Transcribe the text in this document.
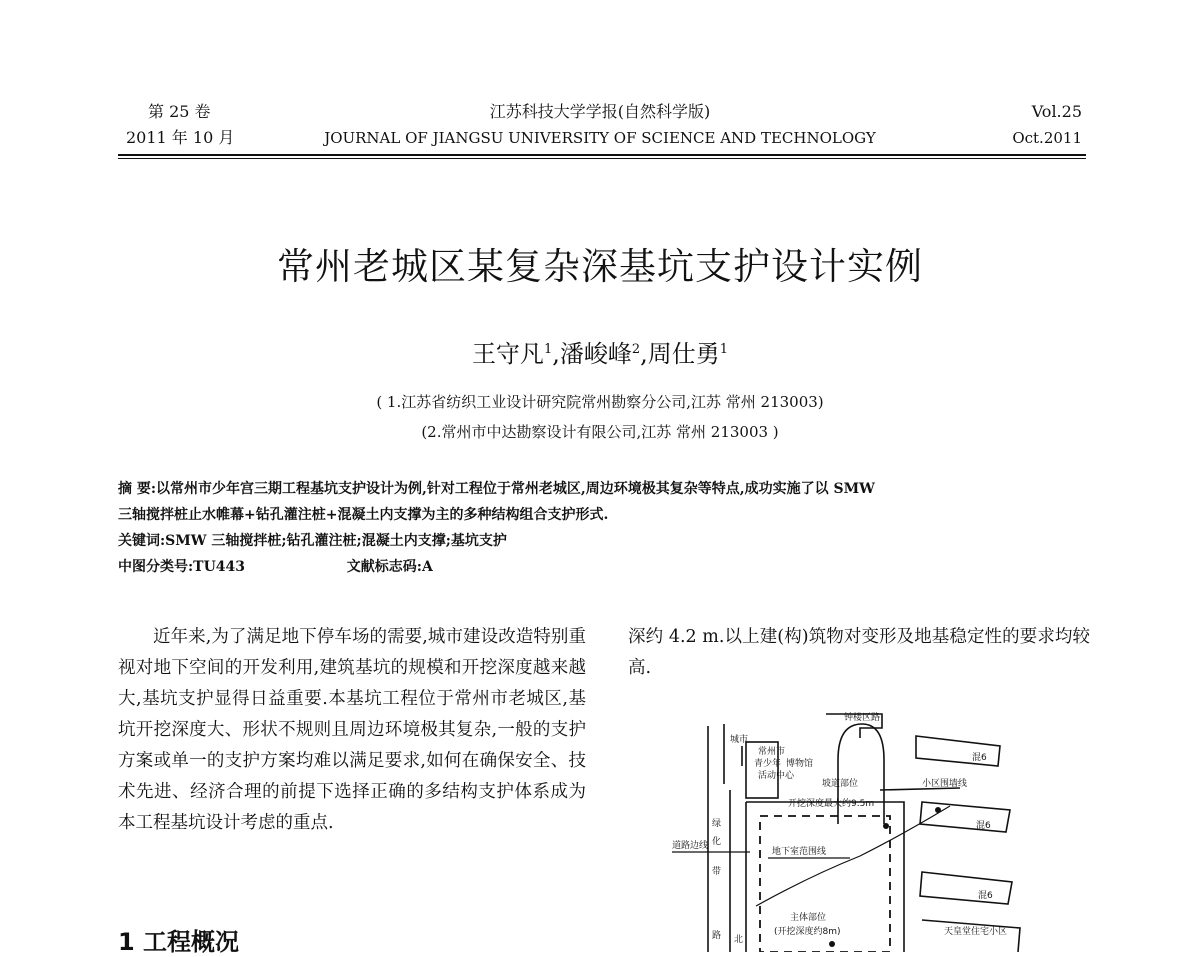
第 25 卷
2011 年 10 月
江苏科技大学学报(自然科学版)
JOURNAL OF JIANGSU UNIVERSITY OF SCIENCE AND TECHNOLOGY
Vol.25
Oct.2011
常州老城区某复杂深基坑支护设计实例
王守凡$^1$,潘峻峰$^2$,周仕勇$^1$
( 1.江苏省纺织工业设计研究院常州勘察分公司,江苏 常州 213003)
(2.常州市中达勘察设计有限公司,江苏 常州 213003 )
摘 要:以常州市少年宫三期工程基坑支护设计为例,针对工程位于常州老城区,周边环境极其复杂等特点,成功实施了以 SMW
三轴搅拌桩止水帷幕+钻孔灌注桩+混凝土内支撑为主的多种结构组合支护形式.
关键词:SMW 三轴搅拌桩;钻孔灌注桩;混凝土内支撑;基坑支护
中图分类号:TU443	文献标志码:A

近年来,为了满足地下停车场的需要,城市建设改造特别重视对地下空间的开发利用,建筑基坑的规模和开挖深度越来越大,基坑支护显得日益重要.本基坑工程位于常州市老城区,基坑开挖深度大、形状不规则且周边环境极其复杂,一般的支护方案或单一的支护方案均难以满足要求,如何在确保安全、技术先进、经济合理的前提下选择正确的多结构支护体系成为本工程基坑设计考虑的重点.

1 工程概况

深约 4.2 m.以上建(构)筑物对变形及地基稳定性的要求均较高.

钟楼区路
常州市
青少年
活动中心
博物馆
城市
坡道部位
开挖深度最大约9.5m
小区围墙线
道路边线
地下室范围线
绿
化
带
主体部位
(开挖深度约8m)	天皇堂住宅小区
北
路
混6
混6
混6
